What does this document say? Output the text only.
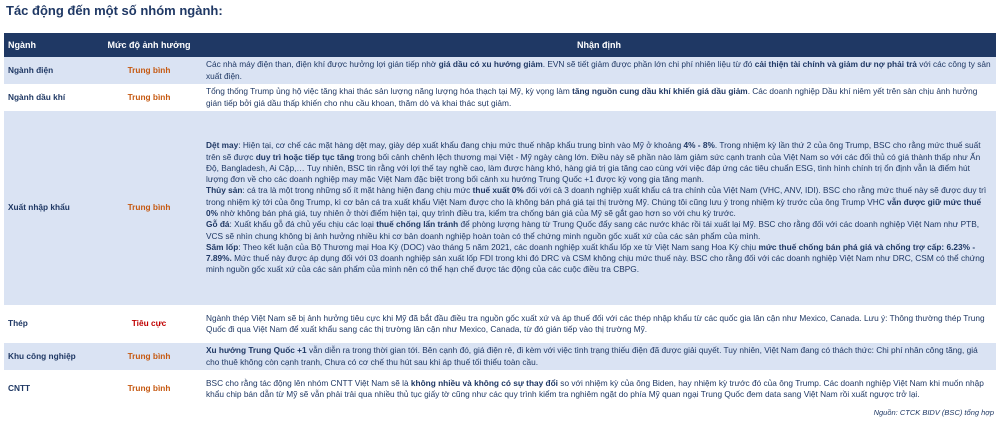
Tác động đến một số nhóm ngành:
Ngành	Mức độ ảnh hưởng	Nhận định
Ngành điện	Trung bình	Các nhà máy điện than, điện khí được hưởng lợi gián tiếp nhờ giá dầu có xu hướng giảm. EVN sẽ tiết giảm được phần lớn chi phí nhiên liệu từ đó cải thiện tài chính và giảm dư nợ phải trả với các công ty sản xuất điện.

Ngành dầu khí	Trung bình	Tổng thống Trump ủng hộ việc tăng khai thác sản lượng năng lượng hóa thạch tại Mỹ, kỳ vọng làm tăng nguồn cung dầu khí khiến giá dầu giảm. Các doanh nghiệp Dầu khí niêm yết trên sàn chịu ảnh hưởng gián tiếp bởi giá dầu thấp khiến cho nhu cầu khoan, thăm dò và khai thác sụt giảm.

Xuất nhập khẩu	Trung bình	Dệt may: Hiện tại, cơ chế các mặt hàng dệt may, giày dép xuất khẩu đang chịu mức thuế nhập khẩu trung bình vào Mỹ ở khoảng 4% - 8%. Trong nhiệm kỳ lần thứ 2 của ông Trump, BSC cho rằng mức thuế suất trên sẽ được duy trì hoặc tiếp tục tăng trong bối cảnh chênh lệch thương mại Việt - Mỹ ngày càng lớn. Điều này sẽ phần nào làm giảm sức cạnh tranh của Việt Nam so với các đối thủ có giá thành thấp như Ấn Độ, Bangladesh, Ai Cập,… Tuy nhiên, BSC tin rằng với lợi thế tay nghề cao, làm được hàng khó, hàng giá trị gia tăng cao cùng với việc đáp ứng các tiêu chuẩn ESG, tình hình chính trị ổn định vẫn là điểm hút lượng đơn về cho các doanh nghiệp may mặc Việt Nam đặc biệt trong bối cảnh xu hướng Trung Quốc +1 được kỳ vọng gia tăng mạnh.

Thủy sản: cá tra là một trong những số ít mặt hàng hiện đang chịu mức thuế xuất 0% đối với cả 3 doanh nghiệp xuất khẩu cá tra chính của Việt Nam (VHC, ANV, IDI). BSC cho rằng mức thuế này sẽ được duy trì trong nhiệm kỳ tới của ông Trump, kì cơ bản cá tra xuất khẩu Việt Nam được cho là không bán phá giá tại thị trường Mỹ. Chúng tôi cũng lưu ý trong nhiệm kỳ trước của ông Trump VHC vẫn được giữ mức thuế 0% nhờ không bán phá giá, tuy nhiên ở thời điểm hiện tại, quy trình điều tra, kiểm tra chống bán giá của Mỹ sẽ gắt gao hơn so với chu kỳ trước.

Gỗ đá: Xuất khẩu gỗ đá chủ yếu chịu các loại thuế chống lẩn tránh để phòng lượng hàng từ Trung Quốc đẩy sang các nước khác rồi tái xuất lại Mỹ. BSC cho rằng đối với các doanh nghiệp Việt Nam như PTB, VCS sẽ nhìn chung không bị ảnh hưởng nhiều khi cơ bản doanh nghiệp hoàn toàn có thể chứng minh nguồn gốc xuất xứ của các sản phẩm của mình.

Săm lốp: Theo kết luận của Bộ Thương mại Hoa Kỳ (DOC) vào tháng 5 năm 2021, các doanh nghiệp xuất khẩu lốp xe từ Việt Nam sang Hoa Kỳ chịu mức thuế chống bán phá giá và chống trợ cấp: 6.23% - 7.89%. Mức thuế này được áp dụng đối với 03 doanh nghiệp sản xuất lốp FDI trong khi đó DRC và CSM không chịu mức thuế này. BSC cho rằng đối với các doanh nghiệp Việt Nam như DRC, CSM có thể chứng minh nguồn gốc xuất xứ của các sản phẩm của mình nên có thể hạn chế được tác động của các cuộc điều tra CBPG.

Thép	Tiêu cực	Ngành thép Việt Nam sẽ bị ảnh hưởng tiêu cực khi Mỹ đã bắt đầu điều tra nguồn gốc xuất xứ và áp thuế đối với các thép nhập khẩu từ các quốc gia lân cận như Mexico, Canada. Lưu ý: Thông thường thép Trung Quốc đi qua Việt Nam để xuất khẩu sang các thị trường lân cận như Mexico, Canada, từ đó gián tiếp vào thị trường Mỹ.

Khu công nghiệp	Trung bình	Xu hướng Trung Quốc +1 vẫn diễn ra trong thời gian tới. Bên cạnh đó, giá điện rẻ, đi kèm với việc tình trạng thiếu điện đã được giải quyết. Tuy nhiên, Việt Nam đang có thách thức: Chi phí nhân công tăng, giá cho thuê không còn cạnh tranh, Chưa có cơ chế thu hút sau khi áp thuế tối thiểu toàn cầu.

CNTT	Trung bình	BSC cho rằng tác động lên nhóm CNTT Việt Nam sẽ là không nhiều và không có sự thay đổi so với nhiệm kỳ của ông Biden, hay nhiệm kỳ trước đó của ông Trump. Các doanh nghiệp Việt Nam khi muốn nhập khẩu chip bán dẫn từ Mỹ sẽ vẫn phải trải qua nhiều thủ tục giấy tờ cũng như các quy trình kiểm tra nghiêm ngặt do phía Mỹ quan ngại Trung Quốc đem data sang Việt Nam rồi xuất ngược trở lại.

Nguồn: CTCK BIDV (BSC) tổng hợp
